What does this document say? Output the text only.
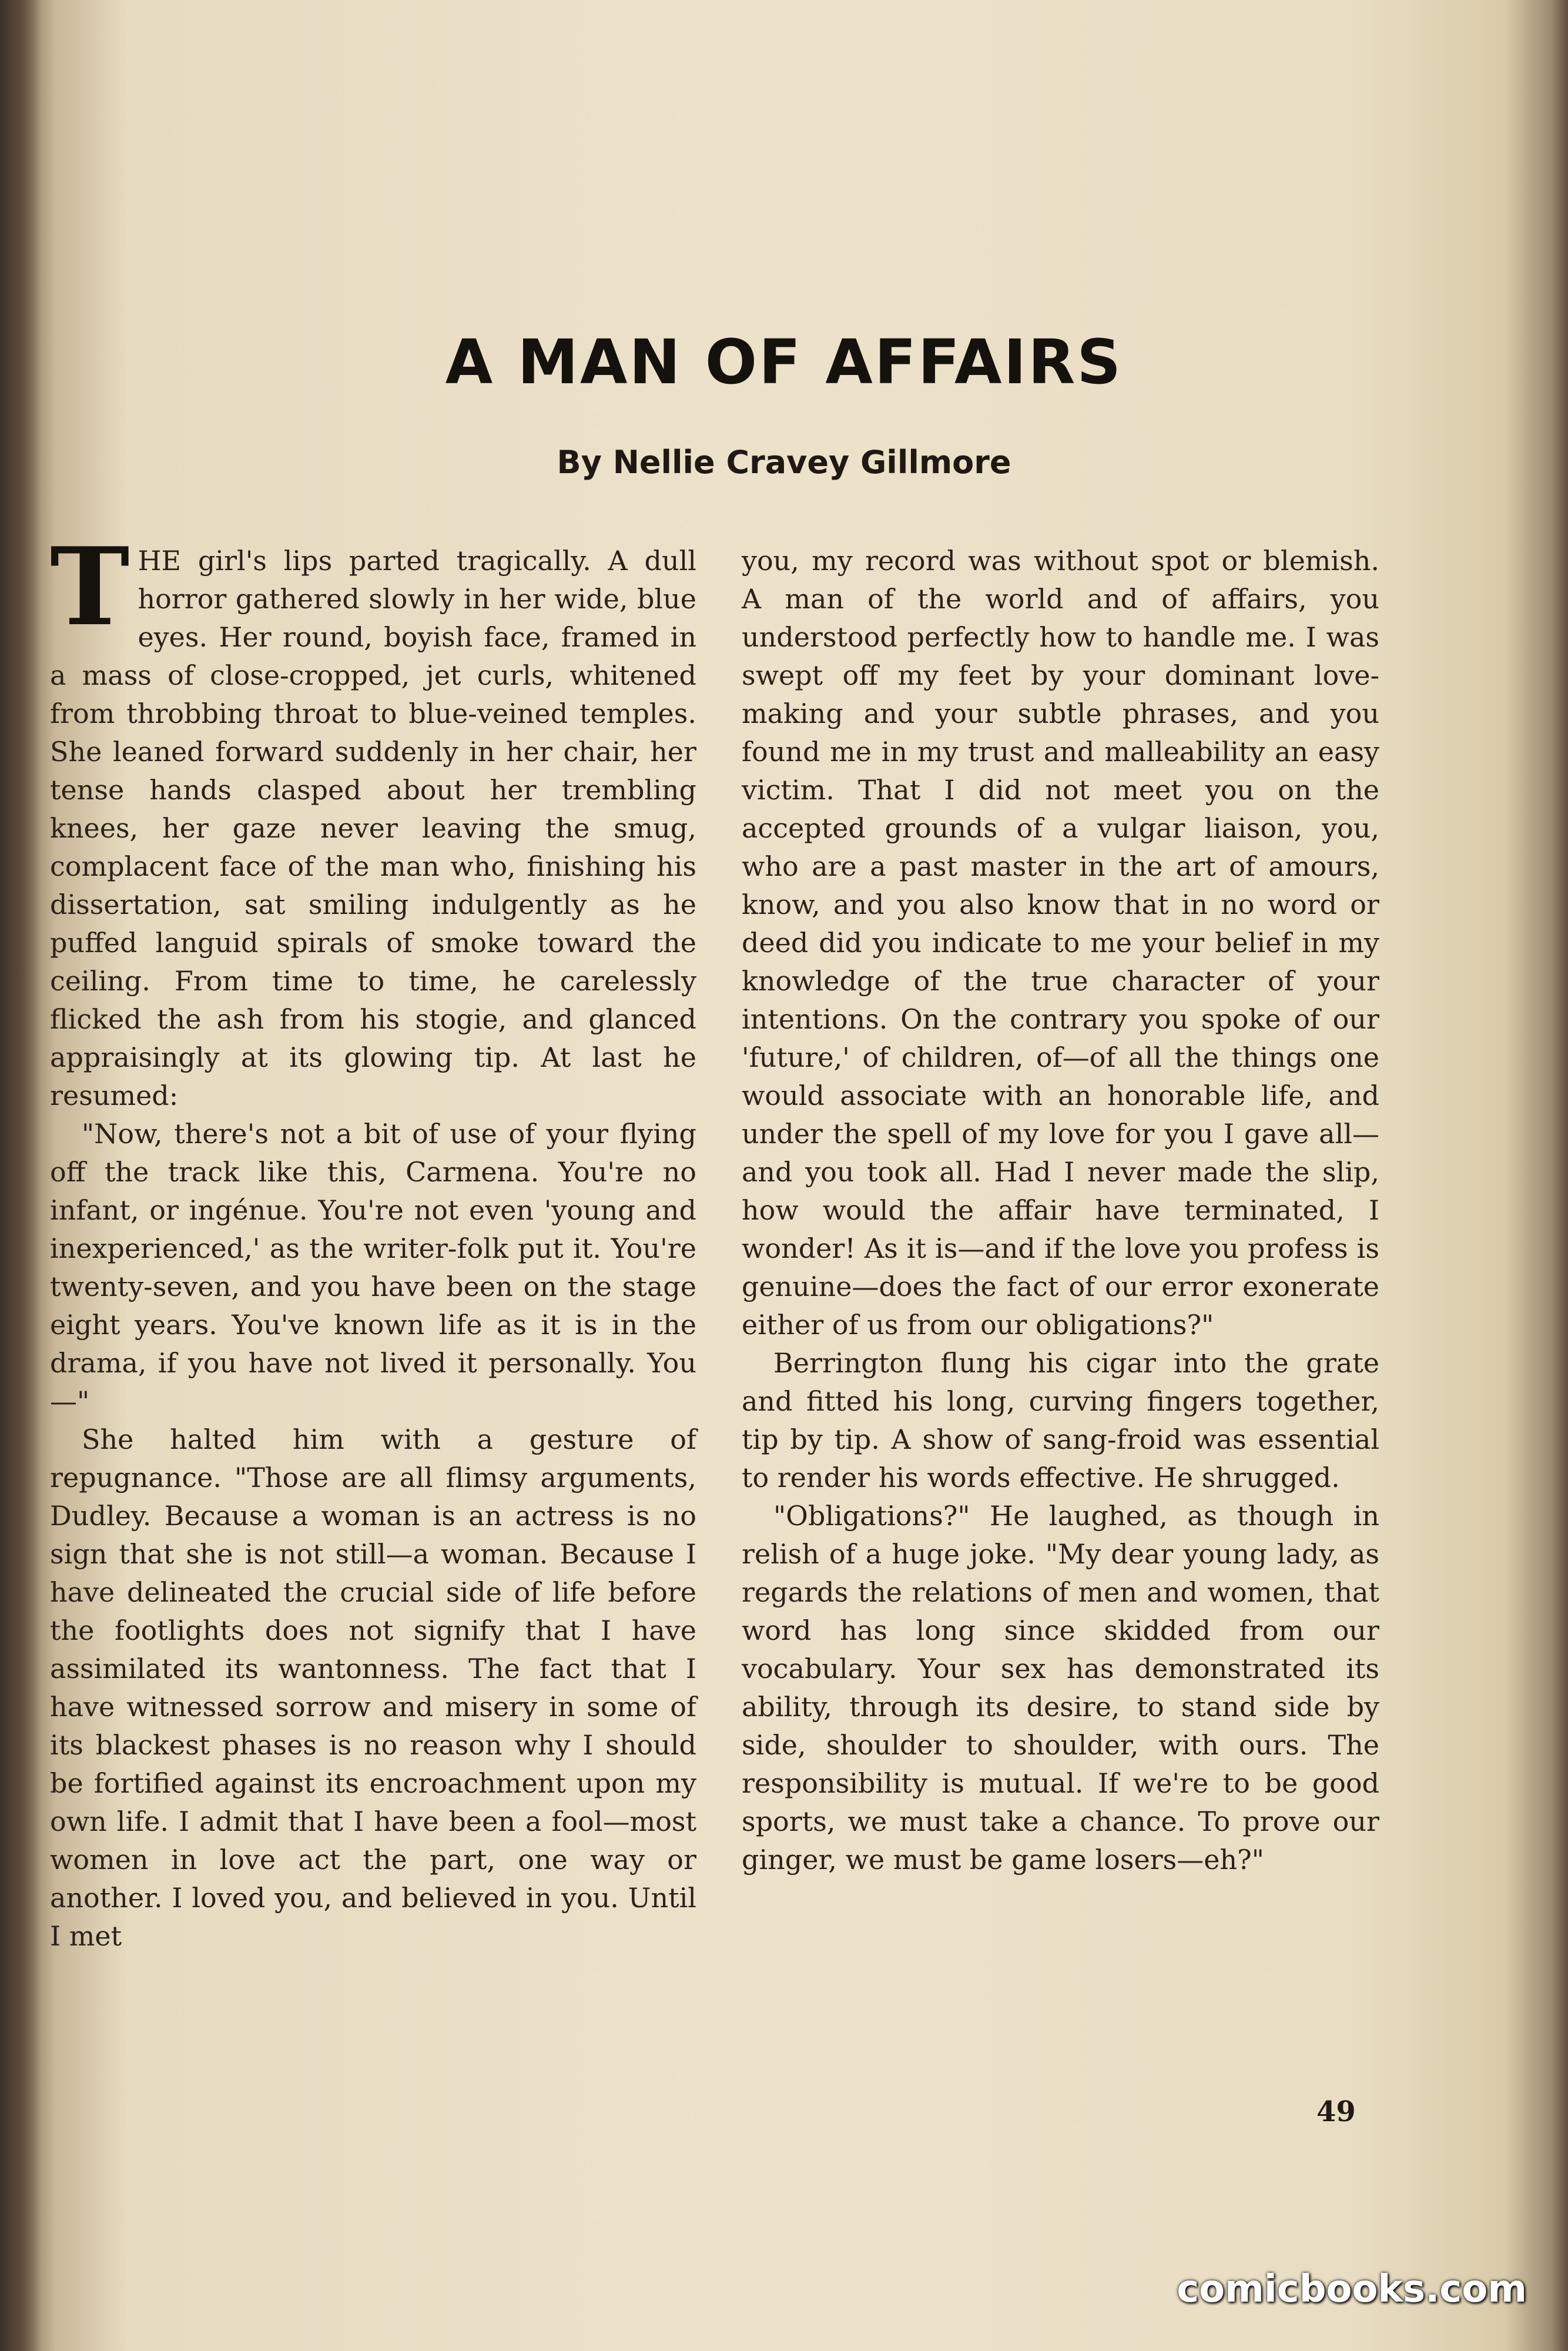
A MAN OF AFFAIRS
By Nellie Cravey Gillmore

THE girl's lips parted tragically. A dull horror gathered slowly in her wide, blue eyes. Her round, boyish face, framed in a mass of close-cropped, jet curls, whitened from throbbing throat to blue-veined temples. She leaned forward suddenly in her chair, her tense hands clasped about her trembling knees, her gaze never leaving the smug, complacent face of the man who, finishing his dissertation, sat smiling indulgently as he puffed languid spirals of smoke toward the ceiling. From time to time, he carelessly flicked the ash from his stogie, and glanced appraisingly at its glowing tip. At last he resumed:

"Now, there's not a bit of use of your flying off the track like this, Carmena. You're no infant, or ingénue. You're not even 'young and inexperienced,' as the writer-folk put it. You're twenty-seven, and you have been on the stage eight years. You've known life as it is in the drama, if you have not lived it personally. You—"

She halted him with a gesture of repugnance. "Those are all flimsy arguments, Dudley. Because a woman is an actress is no sign that she is not still—a woman. Because I have delineated the crucial side of life before the footlights does not signify that I have assimilated its wantonness. The fact that I have witnessed sorrow and misery in some of its blackest phases is no reason why I should be fortified against its encroachment upon my own life. I admit that I have been a fool—most women in love act the part, one way or another. I loved you, and believed in you. Until I met

you, my record was without spot or blemish. A man of the world and of affairs, you understood perfectly how to handle me. I was swept off my feet by your dominant love-making and your subtle phrases, and you found me in my trust and malleability an easy victim. That I did not meet you on the accepted grounds of a vulgar liaison, you, who are a past master in the art of amours, know, and you also know that in no word or deed did you indicate to me your belief in my knowledge of the true character of your intentions. On the contrary you spoke of our 'future,' of children, of—of all the things one would associate with an honorable life, and under the spell of my love for you I gave all—and you took all. Had I never made the slip, how would the affair have terminated, I wonder! As it is—and if the love you profess is genuine—does the fact of our error exonerate either of us from our obligations?"

Berrington flung his cigar into the grate and fitted his long, curving fingers together, tip by tip. A show of sang-froid was essential to render his words effective. He shrugged.

"Obligations?" He laughed, as though in relish of a huge joke. "My dear young lady, as regards the relations of men and women, that word has long since skidded from our vocabulary. Your sex has demonstrated its ability, through its desire, to stand side by side, shoulder to shoulder, with ours. The responsibility is mutual. If we're to be good sports, we must take a chance. To prove our ginger, we must be game losers—eh?"

49
comicbooks.com
